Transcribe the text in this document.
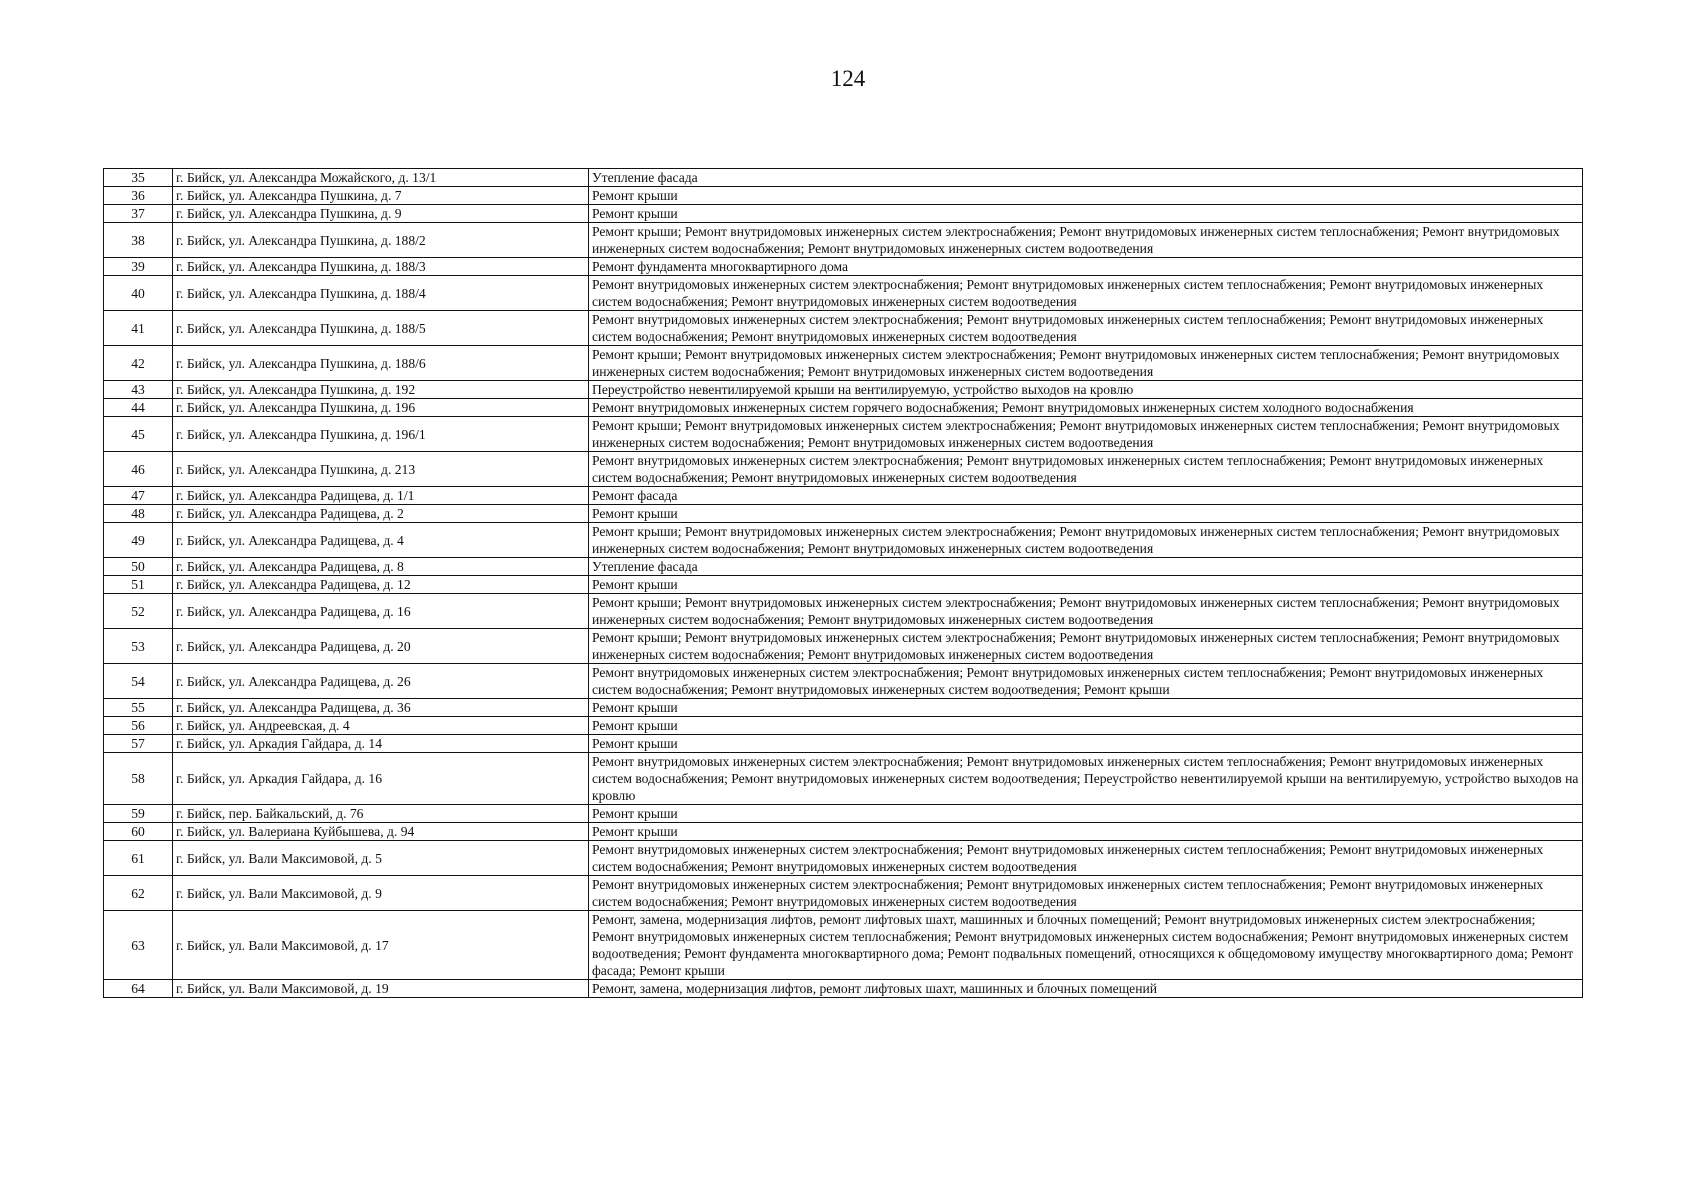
124
35	г. Бийск, ул. Александра Можайского, д. 13/1	Утепление фасада
36	г. Бийск, ул. Александра Пушкина, д. 7	Ремонт крыши
37	г. Бийск, ул. Александра Пушкина, д. 9	Ремонт крыши
38	г. Бийск, ул. Александра Пушкина, д. 188/2	Ремонт крыши; Ремонт внутридомовых инженерных систем электроснабжения; Ремонт внутридомовых инженерных систем теплоснабжения; Ремонт внутридомовых инженерных систем водоснабжения; Ремонт внутридомовых инженерных систем водоотведения
39	г. Бийск, ул. Александра Пушкина, д. 188/3	Ремонт фундамента многоквартирного дома
40	г. Бийск, ул. Александра Пушкина, д. 188/4	Ремонт внутридомовых инженерных систем электроснабжения; Ремонт внутридомовых инженерных систем теплоснабжения; Ремонт внутридомовых инженерных систем водоснабжения; Ремонт внутридомовых инженерных систем водоотведения
41	г. Бийск, ул. Александра Пушкина, д. 188/5	Ремонт внутридомовых инженерных систем электроснабжения; Ремонт внутридомовых инженерных систем теплоснабжения; Ремонт внутридомовых инженерных систем водоснабжения; Ремонт внутридомовых инженерных систем водоотведения
42	г. Бийск, ул. Александра Пушкина, д. 188/6	Ремонт крыши; Ремонт внутридомовых инженерных систем электроснабжения; Ремонт внутридомовых инженерных систем теплоснабжения; Ремонт внутридомовых инженерных систем водоснабжения; Ремонт внутридомовых инженерных систем водоотведения
43	г. Бийск, ул. Александра Пушкина, д. 192	Переустройство невентилируемой крыши на вентилируемую, устройство выходов на кровлю
44	г. Бийск, ул. Александра Пушкина, д. 196	Ремонт внутридомовых инженерных систем горячего водоснабжения; Ремонт внутридомовых инженерных систем холодного водоснабжения
45	г. Бийск, ул. Александра Пушкина, д. 196/1	Ремонт крыши; Ремонт внутридомовых инженерных систем электроснабжения; Ремонт внутридомовых инженерных систем теплоснабжения; Ремонт внутридомовых инженерных систем водоснабжения; Ремонт внутридомовых инженерных систем водоотведения
46	г. Бийск, ул. Александра Пушкина, д. 213	Ремонт внутридомовых инженерных систем электроснабжения; Ремонт внутридомовых инженерных систем теплоснабжения; Ремонт внутридомовых инженерных систем водоснабжения; Ремонт внутридомовых инженерных систем водоотведения
47	г. Бийск, ул. Александра Радищева, д. 1/1	Ремонт фасада
48	г. Бийск, ул. Александра Радищева, д. 2	Ремонт крыши
49	г. Бийск, ул. Александра Радищева, д. 4	Ремонт крыши; Ремонт внутридомовых инженерных систем электроснабжения; Ремонт внутридомовых инженерных систем теплоснабжения; Ремонт внутридомовых инженерных систем водоснабжения; Ремонт внутридомовых инженерных систем водоотведения
50	г. Бийск, ул. Александра Радищева, д. 8	Утепление фасада
51	г. Бийск, ул. Александра Радищева, д. 12	Ремонт крыши
52	г. Бийск, ул. Александра Радищева, д. 16	Ремонт крыши; Ремонт внутридомовых инженерных систем электроснабжения; Ремонт внутридомовых инженерных систем теплоснабжения; Ремонт внутридомовых инженерных систем водоснабжения; Ремонт внутридомовых инженерных систем водоотведения
53	г. Бийск, ул. Александра Радищева, д. 20	Ремонт крыши; Ремонт внутридомовых инженерных систем электроснабжения; Ремонт внутридомовых инженерных систем теплоснабжения; Ремонт внутридомовых инженерных систем водоснабжения; Ремонт внутридомовых инженерных систем водоотведения
54	г. Бийск, ул. Александра Радищева, д. 26	Ремонт внутридомовых инженерных систем электроснабжения; Ремонт внутридомовых инженерных систем теплоснабжения; Ремонт внутридомовых инженерных систем водоснабжения; Ремонт внутридомовых инженерных систем водоотведения; Ремонт крыши
55	г. Бийск, ул. Александра Радищева, д. 36	Ремонт крыши
56	г. Бийск, ул. Андреевская, д. 4	Ремонт крыши
57	г. Бийск, ул. Аркадия Гайдара, д. 14	Ремонт крыши
58	г. Бийск, ул. Аркадия Гайдара, д. 16	Ремонт внутридомовых инженерных систем электроснабжения; Ремонт внутридомовых инженерных систем теплоснабжения; Ремонт внутридомовых инженерных систем водоснабжения; Ремонт внутридомовых инженерных систем водоотведения; Переустройство невентилируемой крыши на вентилируемую, устройство выходов на кровлю
59	г. Бийск, пер. Байкальский, д. 76	Ремонт крыши
60	г. Бийск, ул. Валериана Куйбышева, д. 94	Ремонт крыши
61	г. Бийск, ул. Вали Максимовой, д. 5	Ремонт внутридомовых инженерных систем электроснабжения; Ремонт внутридомовых инженерных систем теплоснабжения; Ремонт внутридомовых инженерных систем водоснабжения; Ремонт внутридомовых инженерных систем водоотведения
62	г. Бийск, ул. Вали Максимовой, д. 9	Ремонт внутридомовых инженерных систем электроснабжения; Ремонт внутридомовых инженерных систем теплоснабжения; Ремонт внутридомовых инженерных систем водоснабжения; Ремонт внутридомовых инженерных систем водоотведения
63	г. Бийск, ул. Вали Максимовой, д. 17	Ремонт, замена, модернизация лифтов, ремонт лифтовых шахт, машинных и блочных помещений; Ремонт внутридомовых инженерных систем электроснабжения; Ремонт внутридомовых инженерных систем теплоснабжения; Ремонт внутридомовых инженерных систем водоснабжения; Ремонт внутридомовых инженерных систем водоотведения; Ремонт фундамента многоквартирного дома; Ремонт подвальных помещений, относящихся к общедомовому имуществу многоквартирного дома; Ремонт фасада; Ремонт крыши
64	г. Бийск, ул. Вали Максимовой, д. 19	Ремонт, замена, модернизация лифтов, ремонт лифтовых шахт, машинных и блочных помещений
